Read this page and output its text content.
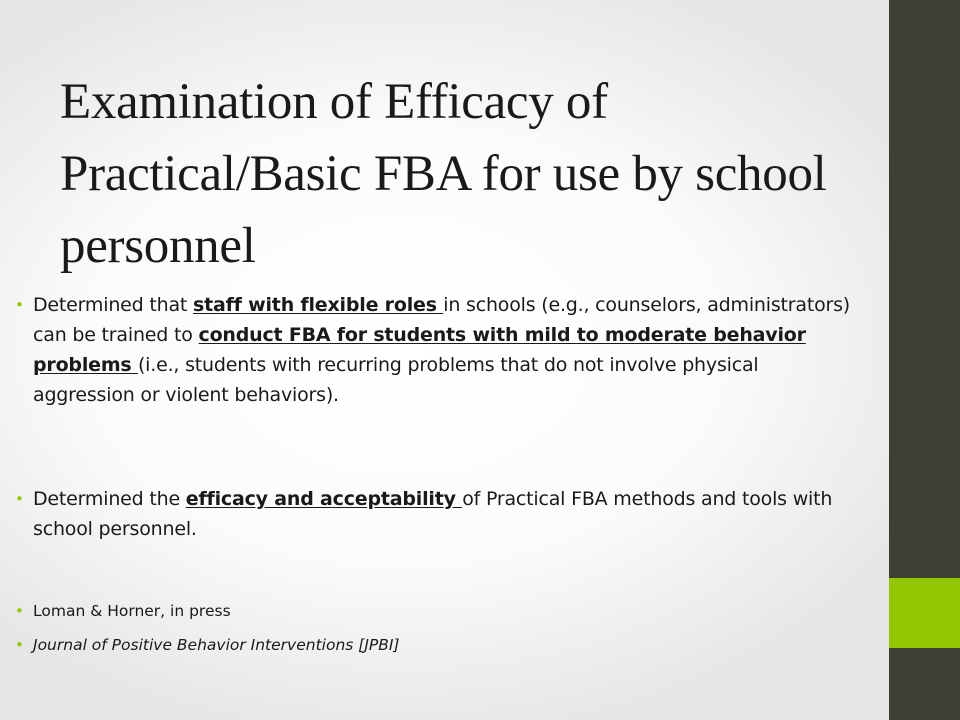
Examination of Efficacy of Practical/Basic FBA for use by school personnel
• Determined that staff with flexible roles in schools (e.g., counselors, administrators) can be trained to conduct FBA for students with mild to moderate behavior problems (i.e., students with recurring problems that do not involve physical aggression or violent behaviors).
• Determined the efficacy and acceptability of Practical FBA methods and tools with school personnel.
• Loman & Horner, in press
• Journal of Positive Behavior Interventions [JPBI]
